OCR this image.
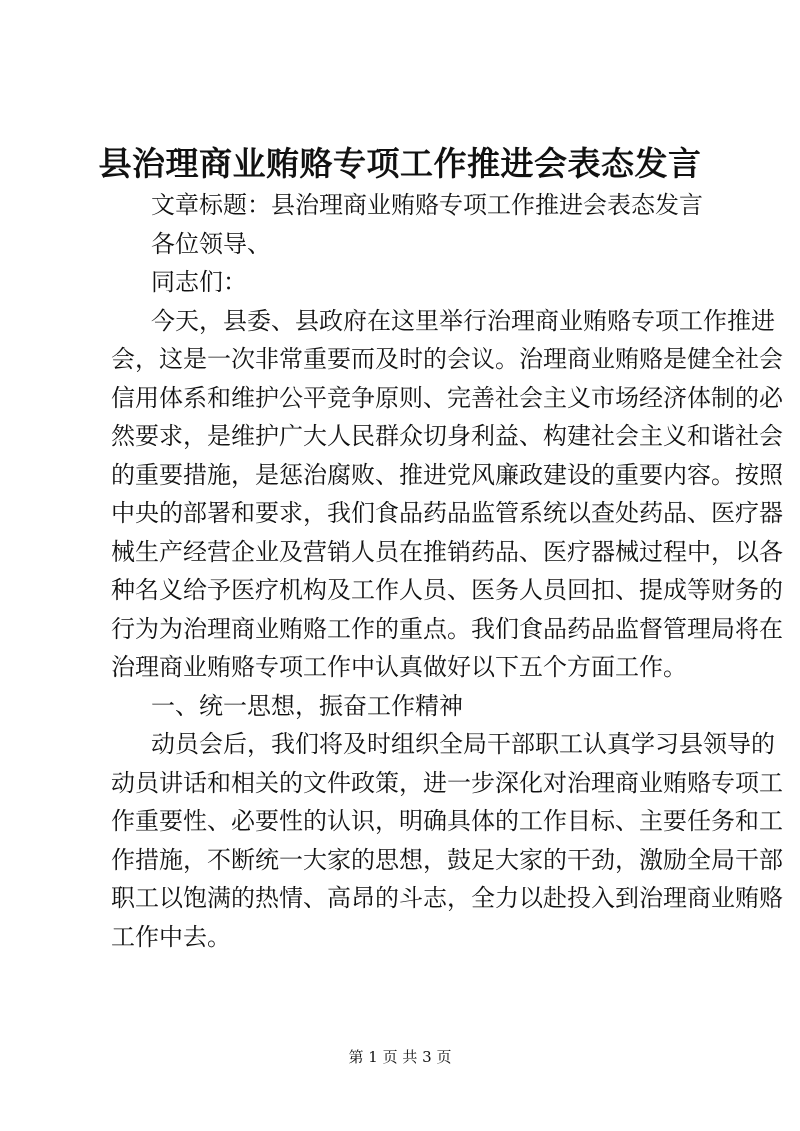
县治理商业贿赂专项工作推进会表态发言
文章标题：县治理商业贿赂专项工作推进会表态发言
各位领导、
同志们：
今天，县委、县政府在这里举行治理商业贿赂专项工作推进
会，这是一次非常重要而及时的会议。治理商业贿赂是健全社会
信用体系和维护公平竞争原则、完善社会主义市场经济体制的必
然要求，是维护广大人民群众切身利益、构建社会主义和谐社会
的重要措施，是惩治腐败、推进党风廉政建设的重要内容。按照
中央的部署和要求，我们食品药品监管系统以查处药品、医疗器
械生产经营企业及营销人员在推销药品、医疗器械过程中，以各
种名义给予医疗机构及工作人员、医务人员回扣、提成等财务的
行为为治理商业贿赂工作的重点。我们食品药品监督管理局将在
治理商业贿赂专项工作中认真做好以下五个方面工作。
一、统一思想，振奋工作精神
动员会后，我们将及时组织全局干部职工认真学习县领导的
动员讲话和相关的文件政策，进一步深化对治理商业贿赂专项工
作重要性、必要性的认识，明确具体的工作目标、主要任务和工
作措施，不断统一大家的思想，鼓足大家的干劲，激励全局干部
职工以饱满的热情、高昂的斗志，全力以赴投入到治理商业贿赂
工作中去。
第 1 页 共 3 页
